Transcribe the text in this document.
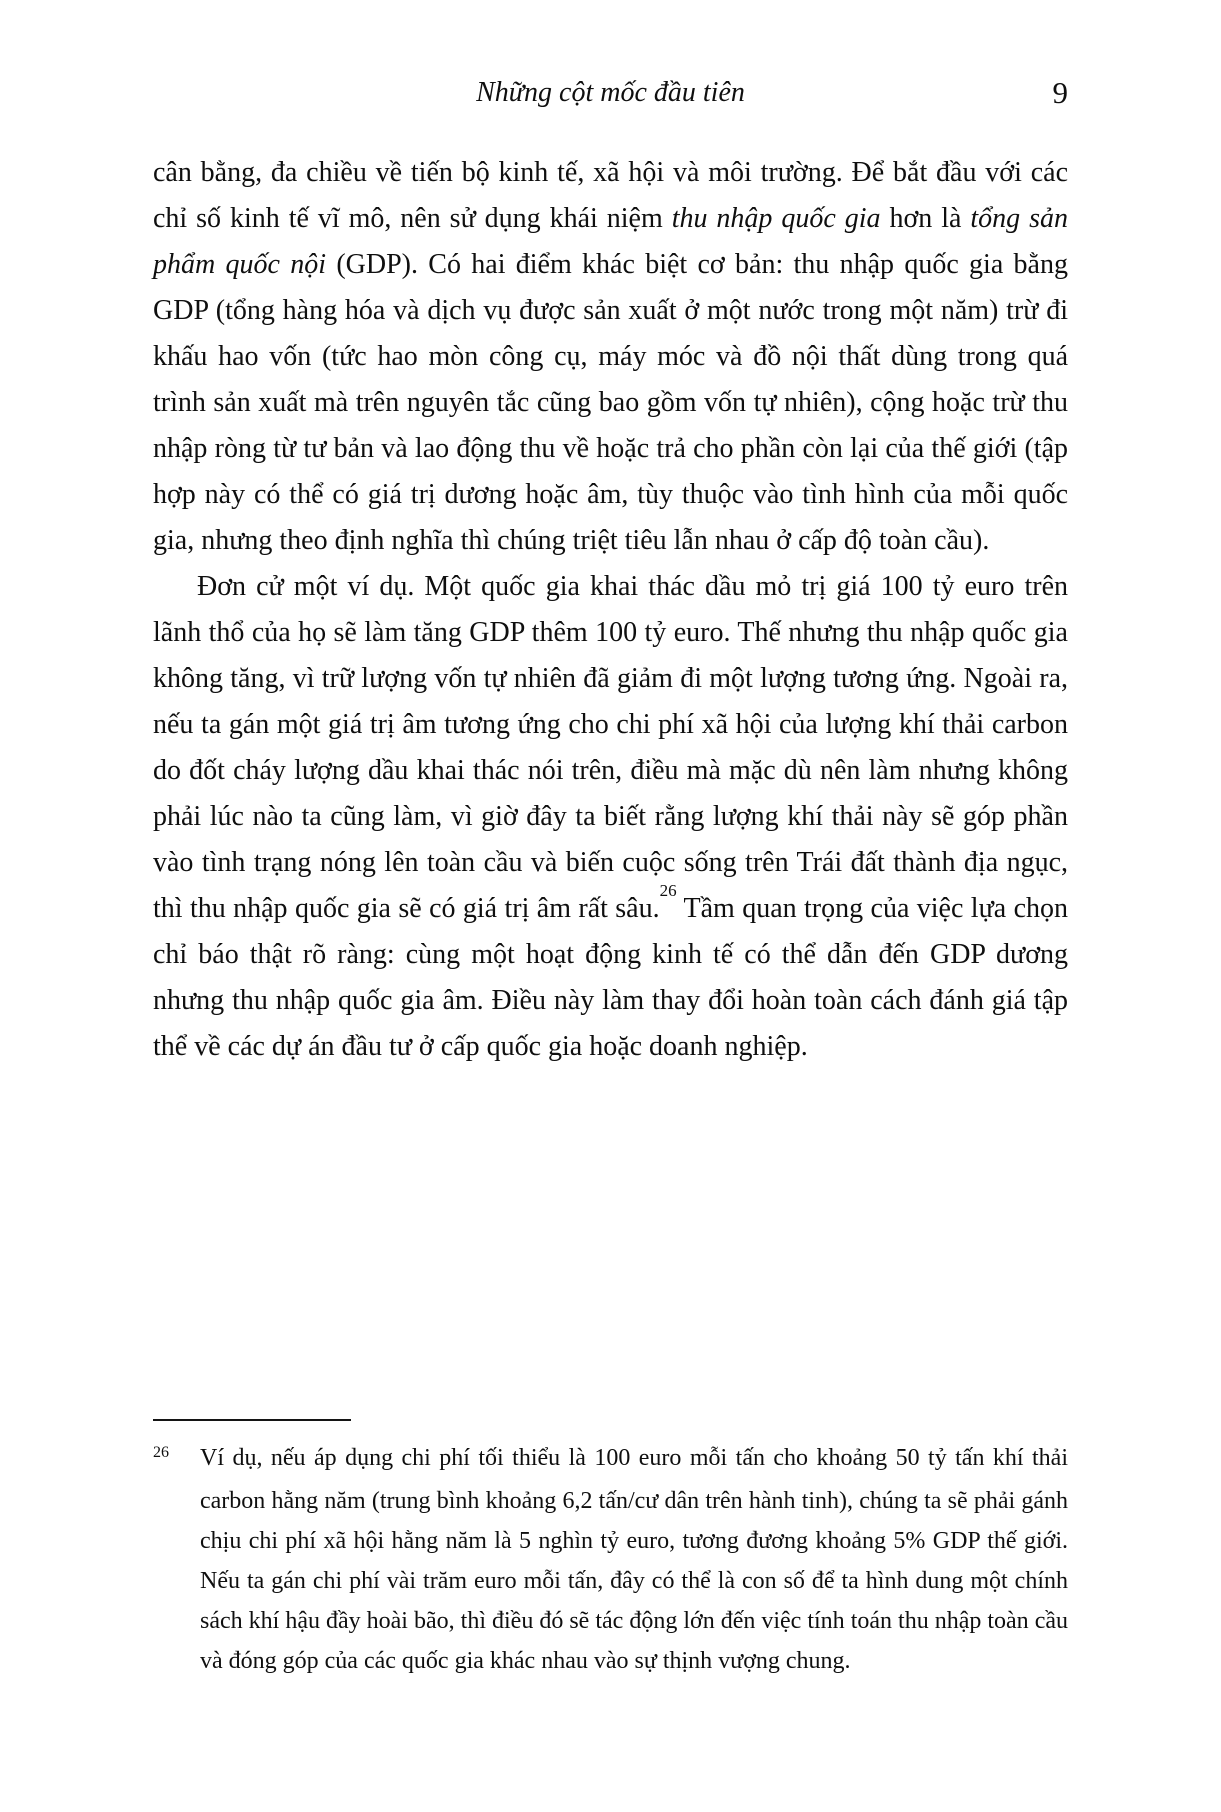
Những cột mốc đầu tiên	9

cân bằng, đa chiều về tiến bộ kinh tế, xã hội và môi trường. Để bắt đầu với các chỉ số kinh tế vĩ mô, nên sử dụng khái niệm thu nhập quốc gia hơn là tổng sản phẩm quốc nội (GDP). Có hai điểm khác biệt cơ bản: thu nhập quốc gia bằng GDP (tổng hàng hóa và dịch vụ được sản xuất ở một nước trong một năm) trừ đi khấu hao vốn (tức hao mòn công cụ, máy móc và đồ nội thất dùng trong quá trình sản xuất mà trên nguyên tắc cũng bao gồm vốn tự nhiên), cộng hoặc trừ thu nhập ròng từ tư bản và lao động thu về hoặc trả cho phần còn lại của thế giới (tập hợp này có thể có giá trị dương hoặc âm, tùy thuộc vào tình hình của mỗi quốc gia, nhưng theo định nghĩa thì chúng triệt tiêu lẫn nhau ở cấp độ toàn cầu).

Đơn cử một ví dụ. Một quốc gia khai thác dầu mỏ trị giá 100 tỷ euro trên lãnh thổ của họ sẽ làm tăng GDP thêm 100 tỷ euro. Thế nhưng thu nhập quốc gia không tăng, vì trữ lượng vốn tự nhiên đã giảm đi một lượng tương ứng. Ngoài ra, nếu ta gán một giá trị âm tương ứng cho chi phí xã hội của lượng khí thải carbon do đốt cháy lượng dầu khai thác nói trên, điều mà mặc dù nên làm nhưng không phải lúc nào ta cũng làm, vì giờ đây ta biết rằng lượng khí thải này sẽ góp phần vào tình trạng nóng lên toàn cầu và biến cuộc sống trên Trái đất thành địa ngục, thì thu nhập quốc gia sẽ có giá trị âm rất sâu.$^{26}$ Tầm quan trọng của việc lựa chọn chỉ báo thật rõ ràng: cùng một hoạt động kinh tế có thể dẫn đến GDP dương nhưng thu nhập quốc gia âm. Điều này làm thay đổi hoàn toàn cách đánh giá tập thể về các dự án đầu tư ở cấp quốc gia hoặc doanh nghiệp.

26 Ví dụ, nếu áp dụng chi phí tối thiểu là 100 euro mỗi tấn cho khoảng 50 tỷ tấn khí thải carbon hằng năm (trung bình khoảng 6,2 tấn/cư dân trên hành tinh), chúng ta sẽ phải gánh chịu chi phí xã hội hằng năm là 5 nghìn tỷ euro, tương đương khoảng 5% GDP thế giới. Nếu ta gán chi phí vài trăm euro mỗi tấn, đây có thể là con số để ta hình dung một chính sách khí hậu đầy hoài bão, thì điều đó sẽ tác động lớn đến việc tính toán thu nhập toàn cầu và đóng góp của các quốc gia khác nhau vào sự thịnh vượng chung.
